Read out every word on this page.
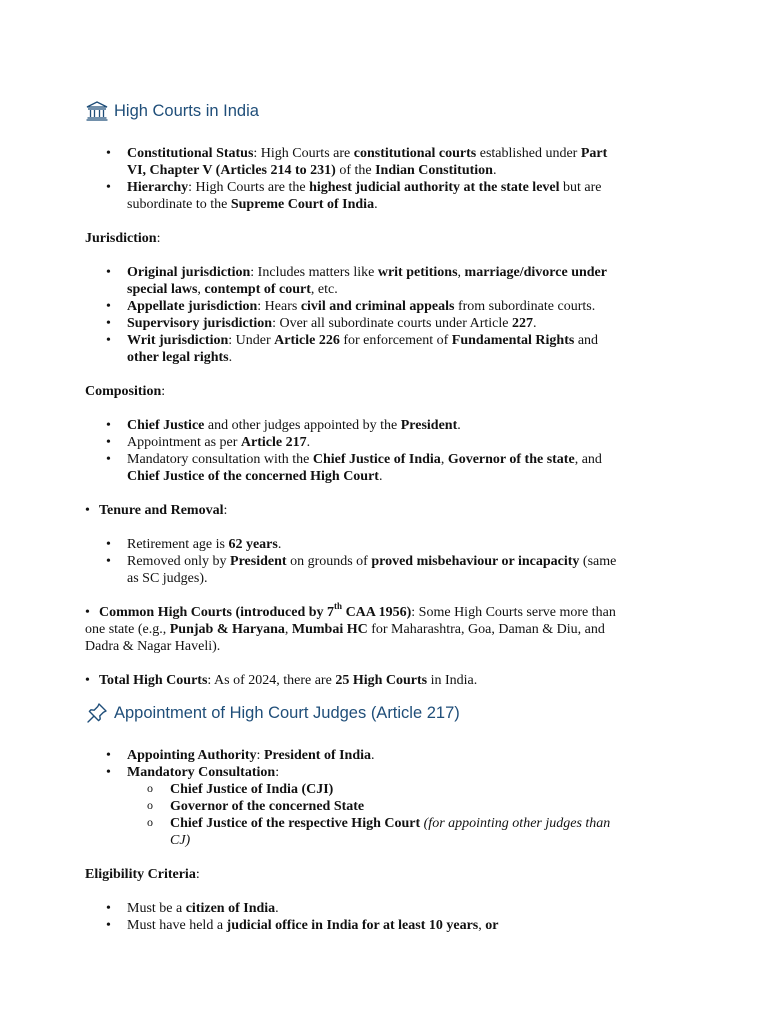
High Courts in India
• Constitutional Status: High Courts are constitutional courts established under Part VI, Chapter V (Articles 214 to 231) of the Indian Constitution.
• Hierarchy: High Courts are the highest judicial authority at the state level but are subordinate to the Supreme Court of India.
Jurisdiction:
• Original jurisdiction: Includes matters like writ petitions, marriage/divorce under special laws, contempt of court, etc.
• Appellate jurisdiction: Hears civil and criminal appeals from subordinate courts.
• Supervisory jurisdiction: Over all subordinate courts under Article 227.
• Writ jurisdiction: Under Article 226 for enforcement of Fundamental Rights and other legal rights.
Composition:
• Chief Justice and other judges appointed by the President.
• Appointment as per Article 217.
• Mandatory consultation with the Chief Justice of India, Governor of the state, and Chief Justice of the concerned High Court.
• Tenure and Removal:
• Retirement age is 62 years.
• Removed only by President on grounds of proved misbehaviour or incapacity (same as SC judges).
• Common High Courts (introduced by 7th CAA 1956): Some High Courts serve more than one state (e.g., Punjab & Haryana, Mumbai HC for Maharashtra, Goa, Daman & Diu, and Dadra & Nagar Haveli).
• Total High Courts: As of 2024, there are 25 High Courts in India.
Appointment of High Court Judges (Article 217)
• Appointing Authority: President of India.
• Mandatory Consultation:
o Chief Justice of India (CJI)
o Governor of the concerned State
o Chief Justice of the respective High Court (for appointing other judges than CJ)
Eligibility Criteria:
• Must be a citizen of India.
• Must have held a judicial office in India for at least 10 years, or
